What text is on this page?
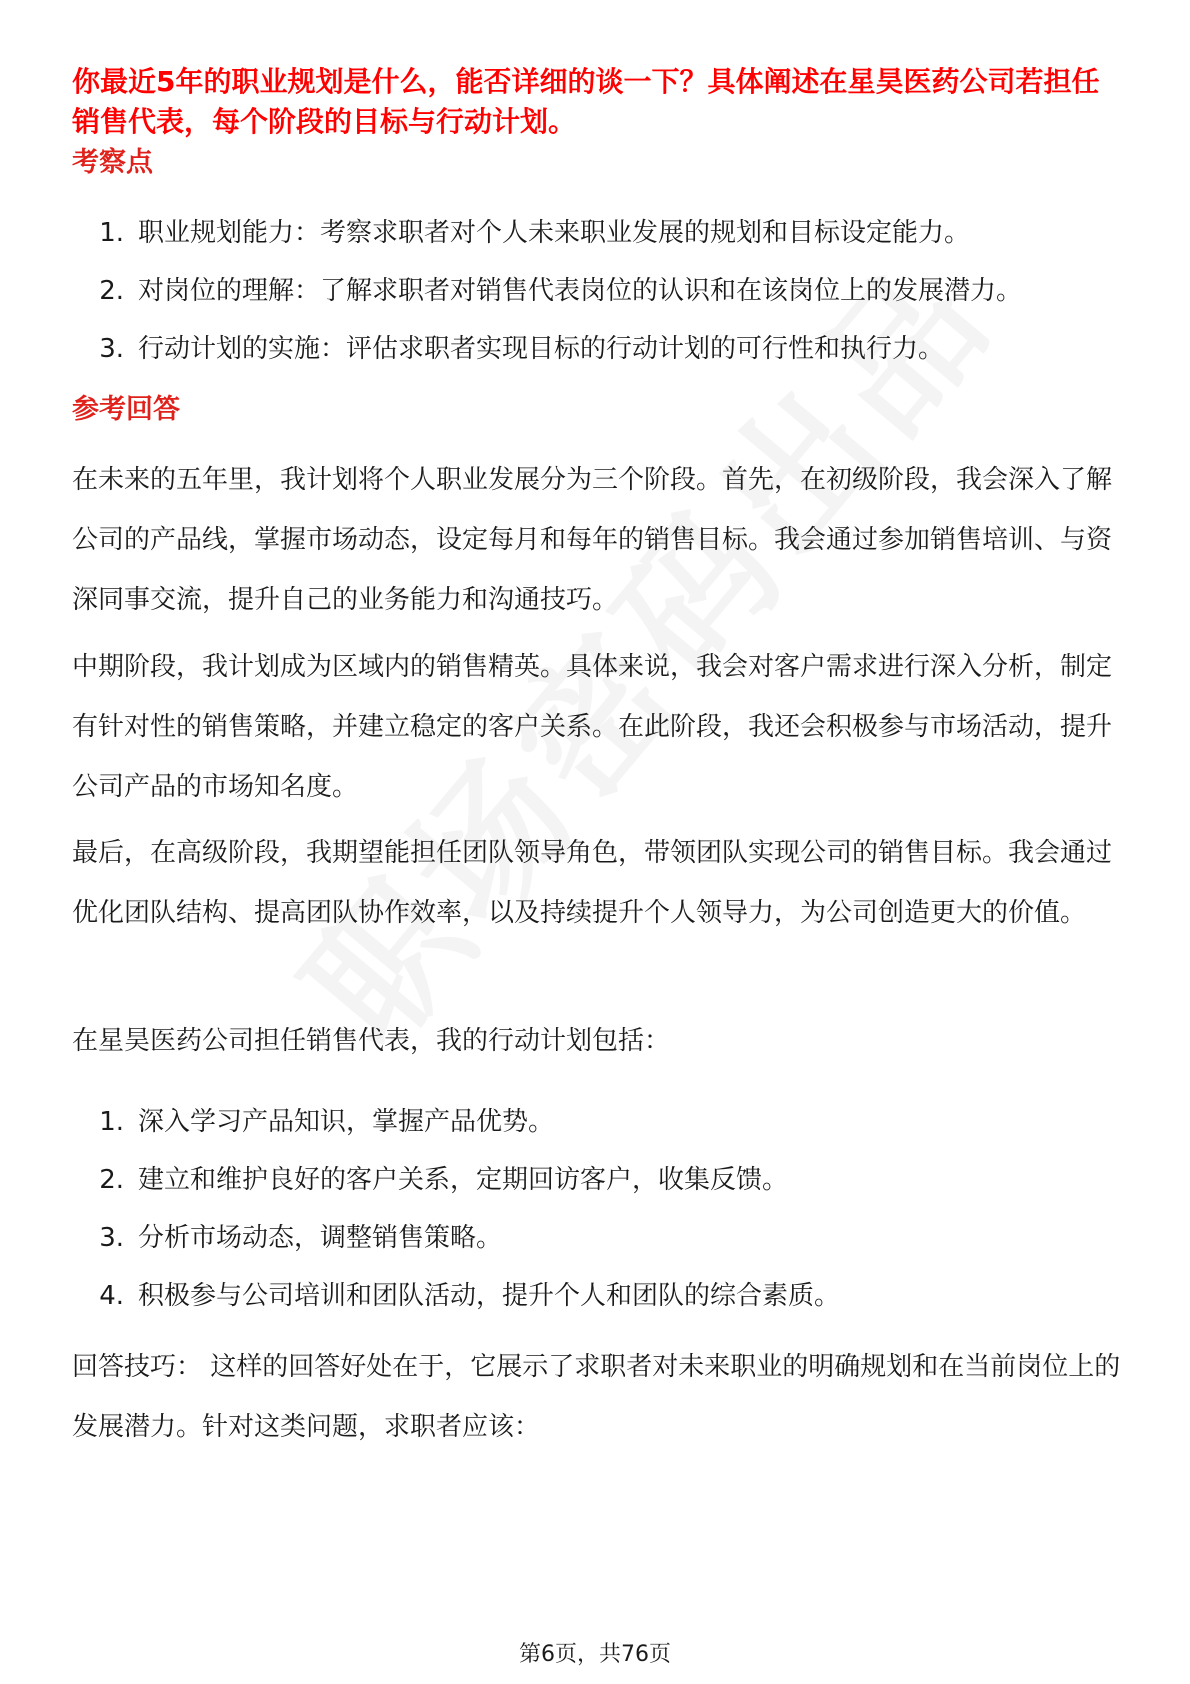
你最近5年的职业规划是什么，能否详细的谈一下？具体阐述在星昊医药公司若担任销售代表，每个阶段的目标与行动计划。
考察点
1. 职业规划能力：考察求职者对个人未来职业发展的规划和目标设定能力。
2. 对岗位的理解：了解求职者对销售代表岗位的认识和在该岗位上的发展潜力。
3. 行动计划的实施：评估求职者实现目标的行动计划的可行性和执行力。
参考回答

在未来的五年里，我计划将个人职业发展分为三个阶段。首先，在初级阶段，我会深入了解公司的产品线，掌握市场动态，设定每月和每年的销售目标。我会通过参加销售培训、与资深同事交流，提升自己的业务能力和沟通技巧。

中期阶段，我计划成为区域内的销售精英。具体来说，我会对客户需求进行深入分析，制定有针对性的销售策略，并建立稳定的客户关系。在此阶段，我还会积极参与市场活动，提升公司产品的市场知名度。

最后，在高级阶段，我期望能担任团队领导角色，带领团队实现公司的销售目标。我会通过优化团队结构、提高团队协作效率，以及持续提升个人领导力，为公司创造更大的价值。

在星昊医药公司担任销售代表，我的行动计划包括：

1. 深入学习产品知识，掌握产品优势。
2. 建立和维护良好的客户关系，定期回访客户，收集反馈。
3. 分析市场动态，调整销售策略。
4. 积极参与公司培训和团队活动，提升个人和团队的综合素质。

回答技巧： 这样的回答好处在于，它展示了求职者对未来职业的明确规划和在当前岗位上的发展潜力。针对这类问题，求职者应该：

第6页，共76页
